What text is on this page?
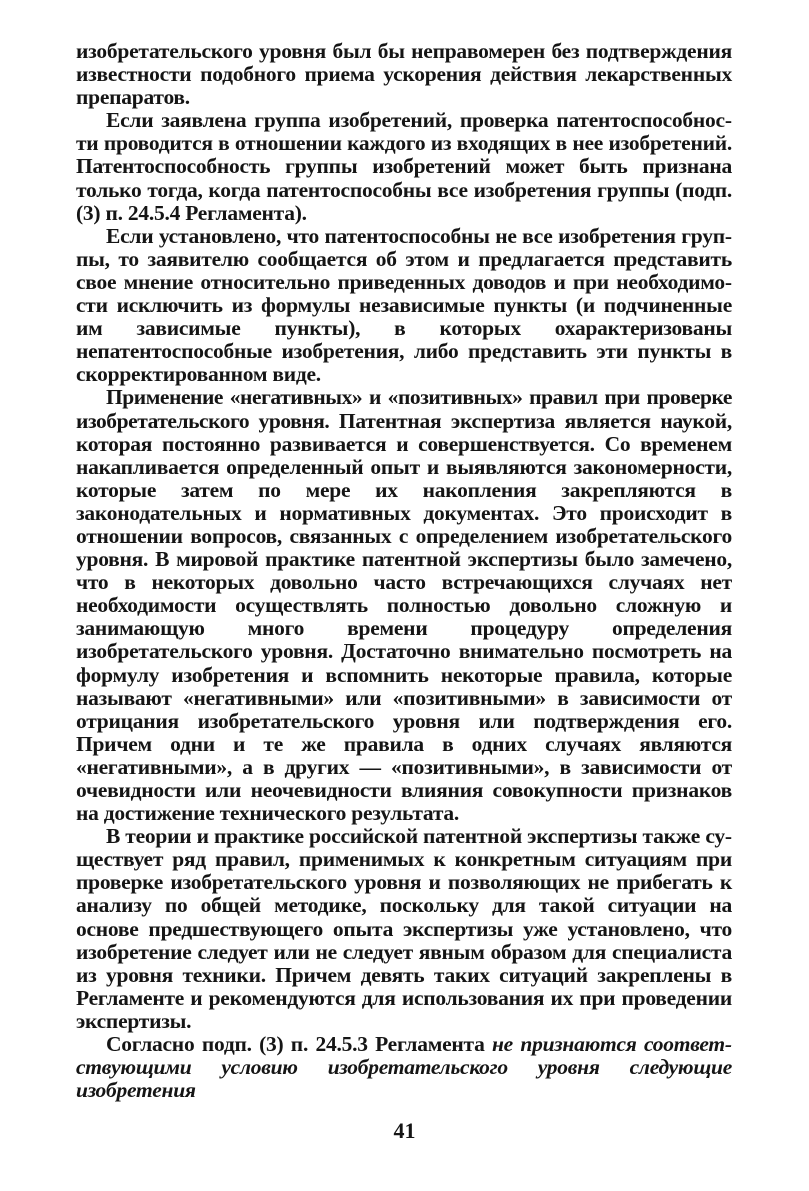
изобретательского уровня был бы неправомерен без подтверждения известности подобного приема ускорения действия лекарственных препаратов.

Если заявлена группа изобретений, проверка патентоспособности проводится в отношении каждого из входящих в нее изобретений. Патентоспособность группы изобретений может быть признана только тогда, когда патентоспособны все изобретения группы (подп. (3) п. 24.5.4 Регламента).

Если установлено, что патентоспособны не все изобретения группы, то заявителю сообщается об этом и предлагается представить свое мнение относительно приведенных доводов и при необходимости исключить из формулы независимые пункты (и подчиненные им зависимые пункты), в которых охарактеризованы непатентоспособные изобретения, либо представить эти пункты в скорректированном виде.

Применение «негативных» и «позитивных» правил при проверке изобретательского уровня. Патентная экспертиза является наукой, которая постоянно развивается и совершенствуется. Со временем накапливается определенный опыт и выявляются закономерности, которые затем по мере их накопления закрепляются в законодательных и нормативных документах. Это происходит в отношении вопросов, связанных с определением изобретательского уровня. В мировой практике патентной экспертизы было замечено, что в некоторых довольно часто встречающихся случаях нет необходимости осуществлять полностью довольно сложную и занимающую много времени процедуру определения изобретательского уровня. Достаточно внимательно посмотреть на формулу изобретения и вспомнить некоторые правила, которые называют «негативными» или «позитивными» в зависимости от отрицания изобретательского уровня или подтверждения его. Причем одни и те же правила в одних случаях являются «негативными», а в других — «позитивными», в зависимости от очевидности или неочевидности влияния совокупности признаков на достижение технического результата.

В теории и практике российской патентной экспертизы также существует ряд правил, применимых к конкретным ситуациям при проверке изобретательского уровня и позволяющих не прибегать к анализу по общей методике, поскольку для такой ситуации на основе предшествующего опыта экспертизы уже установлено, что изобретение следует или не следует явным образом для специалиста из уровня техники. Причем девять таких ситуаций закреплены в Регламенте и рекомендуются для использования их при проведении экспертизы.

Согласно подп. (3) п. 24.5.3 Регламента не признаются соответствующими условию изобретательского уровня следующие изобретения

41
